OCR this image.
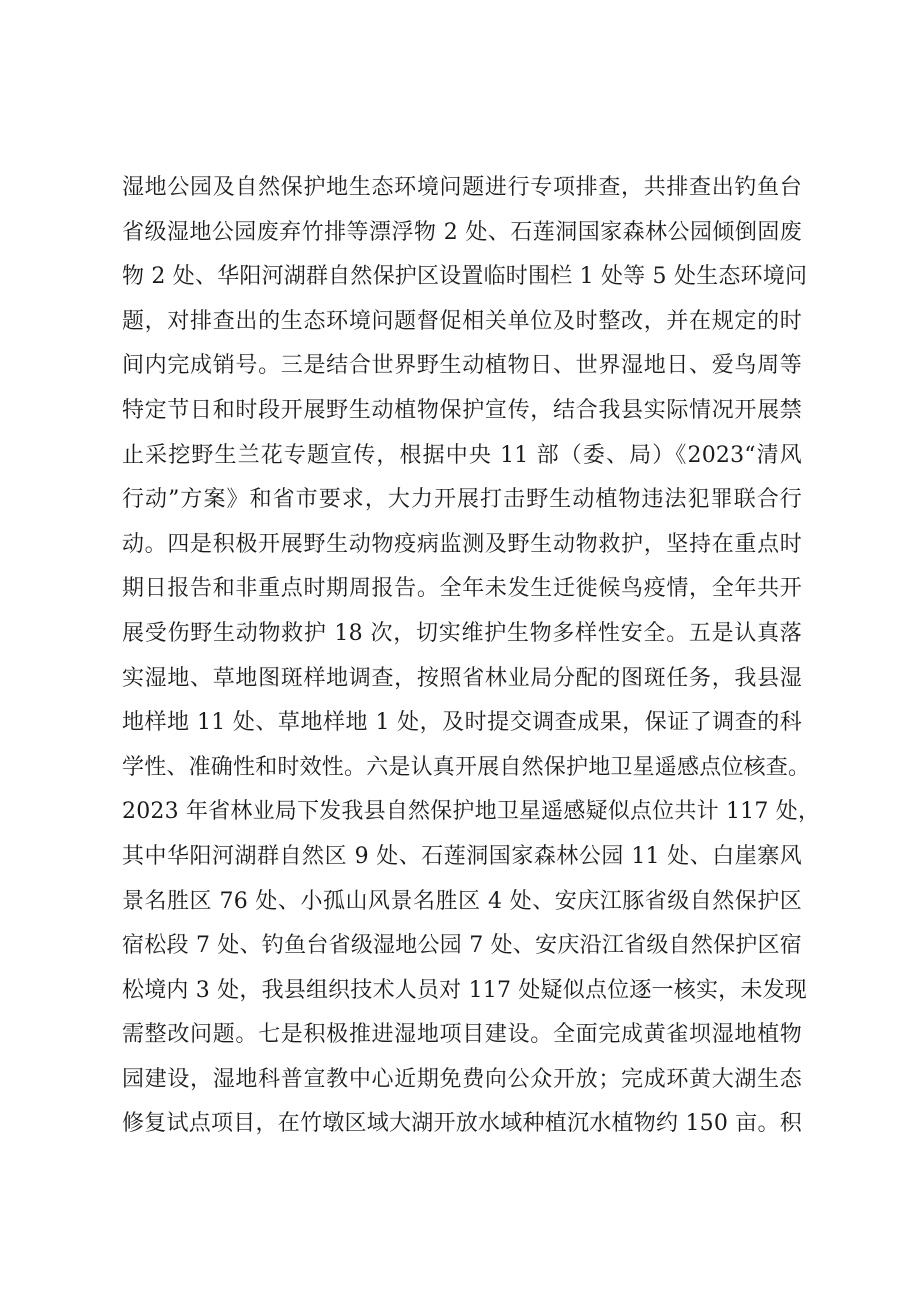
湿地公园及自然保护地生态环境问题进行专项排查，共排查出钓鱼台
省级湿地公园废弃竹排等漂浮物 2 处、石莲洞国家森林公园倾倒固废
物 2 处、华阳河湖群自然保护区设置临时围栏 1 处等 5 处生态环境问
题，对排查出的生态环境问题督促相关单位及时整改，并在规定的时
间内完成销号。三是结合世界野生动植物日、世界湿地日、爱鸟周等
特定节日和时段开展野生动植物保护宣传，结合我县实际情况开展禁
止采挖野生兰花专题宣传，根据中央 11 部（委、局）《2023“清风
行动”方案》和省市要求，大力开展打击野生动植物违法犯罪联合行
动。四是积极开展野生动物疫病监测及野生动物救护，坚持在重点时
期日报告和非重点时期周报告。全年未发生迁徙候鸟疫情，全年共开
展受伤野生动物救护 18 次，切实维护生物多样性安全。五是认真落
实湿地、草地图斑样地调查，按照省林业局分配的图斑任务，我县湿
地样地 11 处、草地样地 1 处，及时提交调查成果，保证了调查的科
学性、准确性和时效性。六是认真开展自然保护地卫星遥感点位核查。
2023 年省林业局下发我县自然保护地卫星遥感疑似点位共计 117 处，
其中华阳河湖群自然区 9 处、石莲洞国家森林公园 11 处、白崖寨风
景名胜区 76 处、小孤山风景名胜区 4 处、安庆江豚省级自然保护区
宿松段 7 处、钓鱼台省级湿地公园 7 处、安庆沿江省级自然保护区宿
松境内 3 处，我县组织技术人员对 117 处疑似点位逐一核实，未发现
需整改问题。七是积极推进湿地项目建设。全面完成黄雀坝湿地植物
园建设，湿地科普宣教中心近期免费向公众开放；完成环黄大湖生态
修复试点项目，在竹墩区域大湖开放水域种植沉水植物约 150 亩。积
